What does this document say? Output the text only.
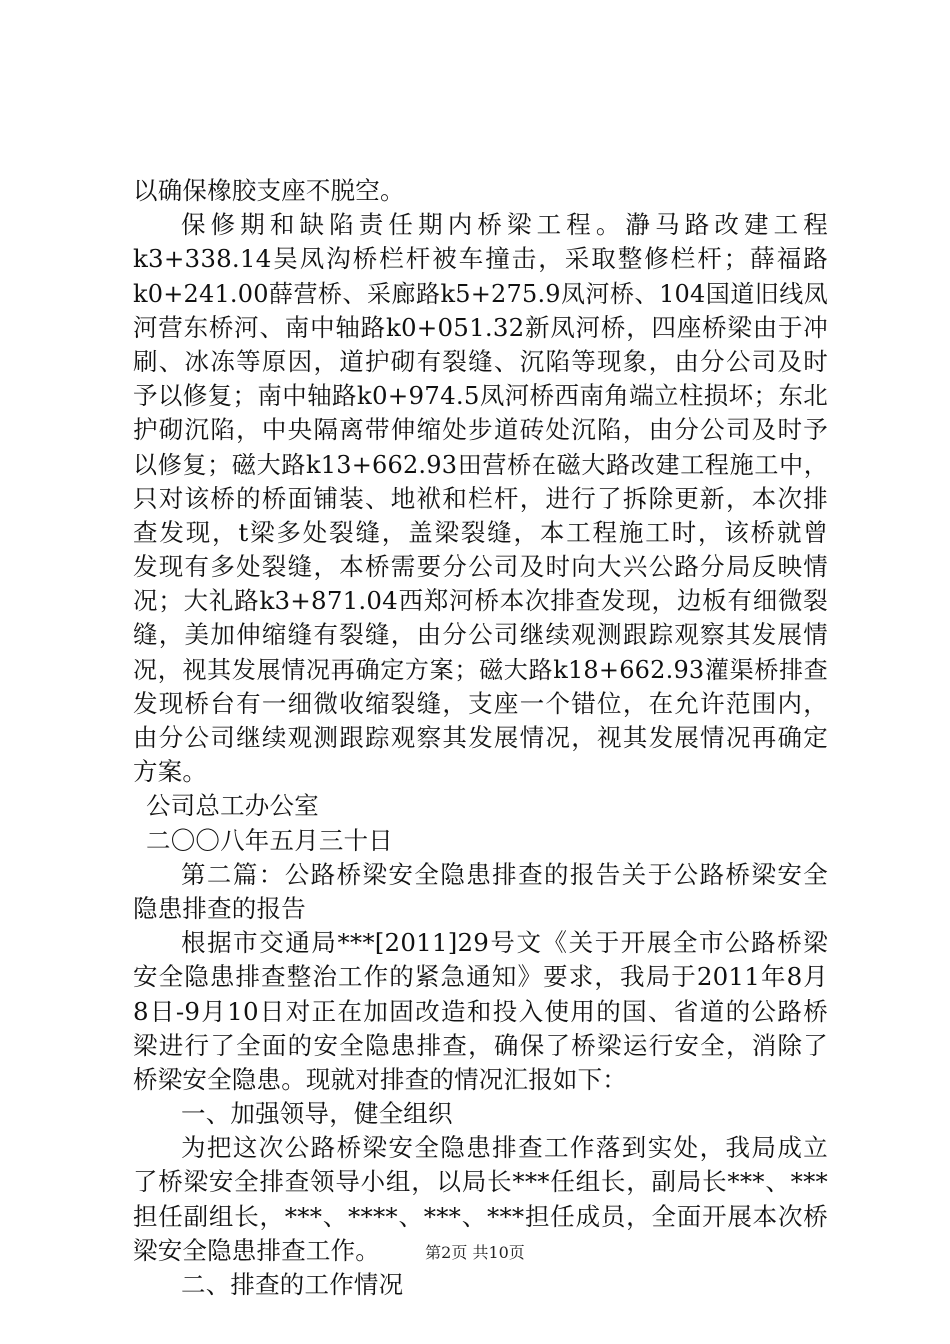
以确保橡胶支座不脱空。
保修期和缺陷责任期内桥梁工程。瀞马路改建工程
k3+338.14吴凤沟桥栏杆被车撞击，采取整修栏杆；薛福路
k0+241.00薛营桥、采廊路k5+275.9凤河桥、104国道旧线凤
河营东桥河、南中轴路k0+051.32新凤河桥，四座桥梁由于冲
刷、冰冻等原因，道护砌有裂缝、沉陷等现象，由分公司及时
予以修复；南中轴路k0+974.5凤河桥西南角端立柱损坏；东北
护砌沉陷，中央隔离带伸缩处步道砖处沉陷，由分公司及时予
以修复；磁大路k13+662.93田营桥在磁大路改建工程施工中，
只对该桥的桥面铺装、地袱和栏杆，进行了拆除更新，本次排
查发现，t梁多处裂缝，盖梁裂缝，本工程施工时，该桥就曾
发现有多处裂缝，本桥需要分公司及时向大兴公路分局反映情
况；大礼路k3+871.04西郑河桥本次排查发现，边板有细微裂
缝，美加伸缩缝有裂缝，由分公司继续观测跟踪观察其发展情
况，视其发展情况再确定方案；磁大路k18+662.93灌渠桥排查
发现桥台有一细微收缩裂缝，支座一个错位，在允许范围内，
由分公司继续观测跟踪观察其发展情况，视其发展情况再确定
方案。
公司总工办公室
二〇〇八年五月三十日
第二篇：公路桥梁安全隐患排查的报告关于公路桥梁安全
隐患排查的报告
根据市交通局***[2011]29号文《关于开展全市公路桥梁
安全隐患排查整治工作的紧急通知》要求，我局于2011年8月
8日-9月10日对正在加固改造和投入使用的国、省道的公路桥
梁进行了全面的安全隐患排查，确保了桥梁运行安全，消除了
桥梁安全隐患。现就对排查的情况汇报如下：
一、加强领导，健全组织
为把这次公路桥梁安全隐患排查工作落到实处，我局成立
了桥梁安全排查领导小组，以局长***任组长，副局长***、***
担任副组长，***、****、***、***担任成员，全面开展本次桥
梁安全隐患排查工作。
二、排查的工作情况
第2页 共10页
